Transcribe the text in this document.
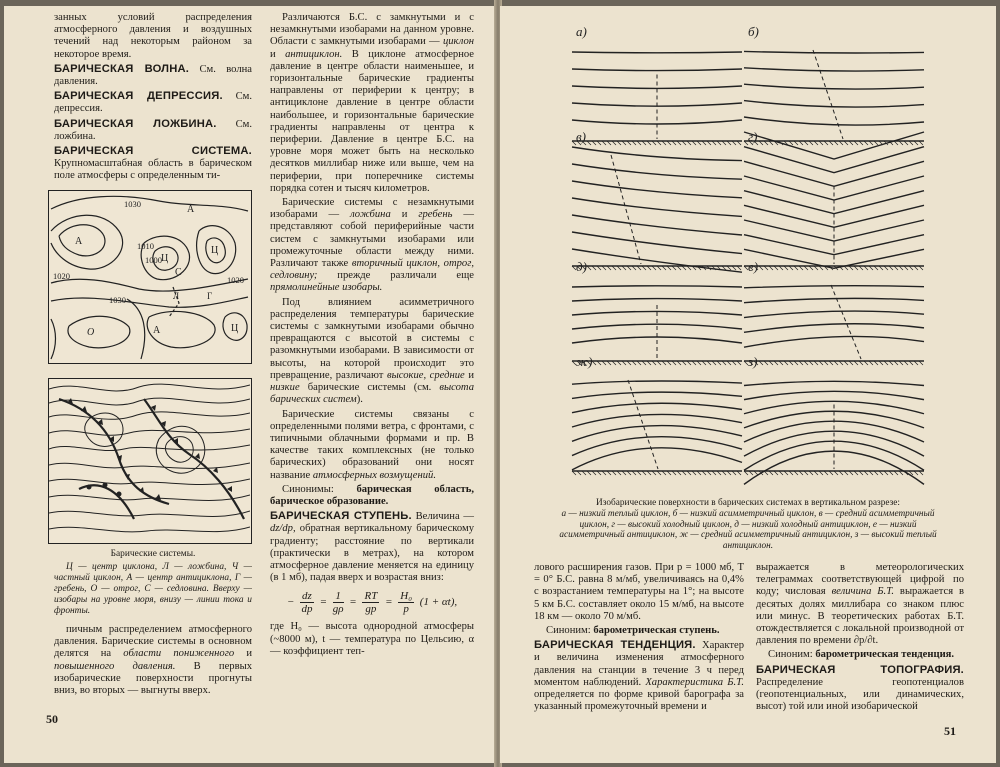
занных условий распределения атмосферного давления и воздушных течений над некоторым районом за некоторое время.

БАРИЧЕСКАЯ ВОЛНА. См. волна давления.

БАРИЧЕСКАЯ ДЕПРЕССИЯ. См. депрессия.

БАРИЧЕСКАЯ ЛОЖБИНА. См. ложбина.

БАРИЧЕСКАЯ СИСТЕМА. Крупномасштабная область в барическом поле атмосферы с определенным ти-

1030	A
A	1010
1000 Ц
Л
C
1020	1020
1030
О	A
Г
Ц
Ц

Барические системы.

Ц — центр циклона, Л — ложбина, Ч — частный циклон, А — центр антициклона, Г — гребень, О — отрог, С — седловина. Вверху — изобары на уровне моря, внизу — линии тока и фронты.

пичным распределением атмосферного давления. Барические системы в основном делятся на области пониженного и повышенного давления. В первых изобарические поверхности прогнуты вниз, во вторых — выгнуты вверх.

Различаются Б.С. с замкнутыми и с незамкнутыми изобарами на данном уровне. Области с замкнутыми изобарами — циклон и антициклон. В циклоне атмосферное давление в центре области наименьшее, и горизонтальные барические градиенты направлены от периферии к центру; в антициклоне давление в центре области наибольшее, и горизонтальные барические градиенты направлены от центра к периферии. Давление в центре Б.С. на уровне моря может быть на несколько десятков миллибар ниже или выше, чем на периферии, при поперечнике системы порядка сотен и тысяч километров.

Барические системы с незамкнутыми изобарами — ложбина и гребень — представляют собой периферийные части систем с замкнутыми изобарами или промежуточные области между ними. Различают также вторичный циклон, отрог, седловину; прежде различали еще прямолинейные изобары.

Под влиянием асимметричного распределения температуры барические системы с замкнутыми изобарами обычно превращаются с высотой в системы с разомкнутыми изобарами. В зависимости от высоты, на которой происходит это превращение, различают высокие, средние и низкие барические системы (см. высота барических систем).

Барические системы связаны с определенными полями ветра, с фронтами, с типичными облачными формами и пр. В качестве таких комплексных (не только барических) образований они носят название атмосферных возмущений.

Синонимы: барическая область, барическое образование.

БАРИЧЕСКАЯ СТУПЕНЬ. Величина — dz/dp, обратная вертикальному барическому градиенту; расстояние по вертикали (практически в метрах), на котором атмосферное давление меняется на единицу (в 1 мб), падая вверх и возрастая вниз:

− $\frac{dz}{dp} = \frac{1}{g\rho} = \frac{RT}{gp} = \frac{\text{H₀}}{p} (1 + \alpha t)$,

где H₀ — высота однородной атмосферы (~8000 м), t — температура по Цельсию, α — коэффициент теп-

50
а)	б)
в)	г)
д)	е)
ж)	з)

Изобарические поверхности в барических системах в вертикальном разрезе:

а — низкий теплый циклон, б — низкий асимметричный циклон, в — средний асимметричный циклон, г — высокий холодный циклон, д — низкий холодный антициклон, е — низкий асимметричный антициклон, ж — средний асимметричный антициклон, з — высокий теплый антициклон.

лового расширения газов. При p = 1000 мб, T = 0° Б.С. равна 8 м/мб, увеличиваясь на 0,4% с возрастанием температуры на 1°; на высоте 5 км Б.С. составляет около 15 м/мб, на высоте 18 км — около 70 м/мб.

Синоним: барометрическая ступень.

БАРИЧЕСКАЯ ТЕНДЕНЦИЯ. Характер и величина изменения атмосферного давления на станции в течение 3 ч перед моментом наблюдений. Характеристика Б.Т. определяется по форме кривой барографа за указанный промежуточный времени и

выражается в метеорологических телеграммах соответствующей цифрой по коду; числовая величина Б.Т. выражается в десятых долях миллибара со знаком плюс или минус. В теоретических работах Б.Т. отождествляется с локальной производной от давления по времени ∂p/∂t.

Синоним: барометрическая тенденция.

БАРИЧЕСКАЯ ТОПОГРАФИЯ. Распределение геопотенциалов (геопотенциальных, или динамических, высот) той или иной изобарической

51
